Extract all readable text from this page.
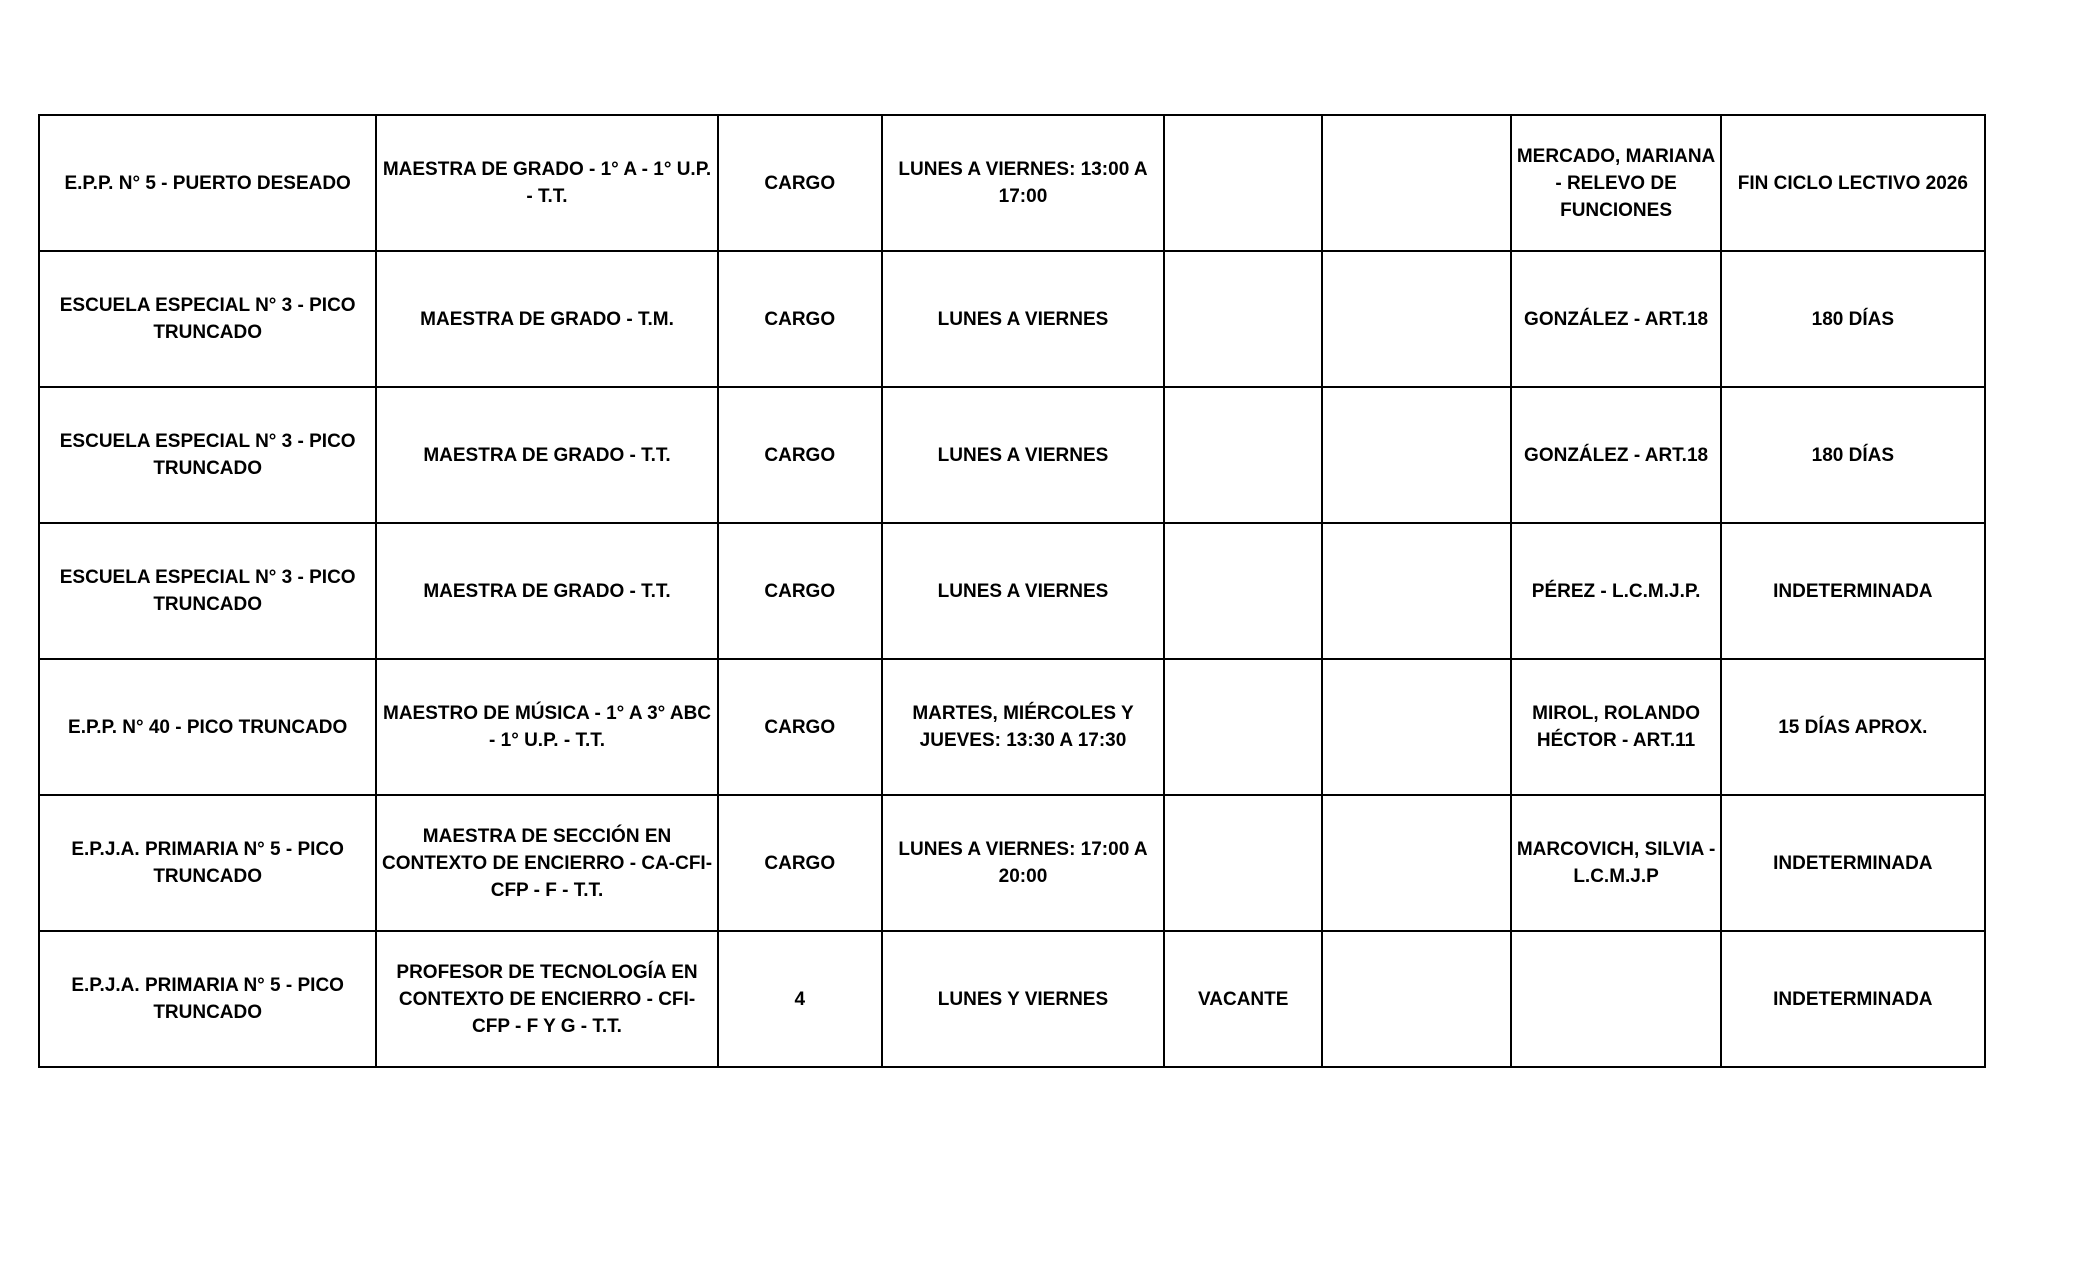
E.P.P. N° 5 - PUERTO DESEADO	MAESTRA DE GRADO - 1° A - 1° U.P. - T.T.	CARGO	LUNES A VIERNES: 13:00 A 17:00			MERCADO, MARIANA - RELEVO DE FUNCIONES	FIN CICLO LECTIVO 2026
ESCUELA ESPECIAL N° 3 - PICO TRUNCADO	MAESTRA DE GRADO - T.M.	CARGO	LUNES A VIERNES			GONZÁLEZ - ART.18	180 DÍAS
ESCUELA ESPECIAL N° 3 - PICO TRUNCADO	MAESTRA DE GRADO - T.T.	CARGO	LUNES A VIERNES			GONZÁLEZ - ART.18	180 DÍAS
ESCUELA ESPECIAL N° 3 - PICO TRUNCADO	MAESTRA DE GRADO - T.T.	CARGO	LUNES A VIERNES			PÉREZ - L.C.M.J.P.	INDETERMINADA
E.P.P. N° 40 - PICO TRUNCADO	MAESTRO DE MÚSICA - 1° A 3° ABC - 1° U.P. - T.T.	CARGO	MARTES, MIÉRCOLES Y JUEVES: 13:30 A 17:30			MIROL, ROLANDO HÉCTOR - ART.11	15 DÍAS APROX.
E.P.J.A. PRIMARIA N° 5 - PICO TRUNCADO	MAESTRA DE SECCIÓN EN CONTEXTO DE ENCIERRO - CA-CFI-CFP - F - T.T.	CARGO	LUNES A VIERNES: 17:00 A 20:00			MARCOVICH, SILVIA - L.C.M.J.P	INDETERMINADA
E.P.J.A. PRIMARIA N° 5 - PICO TRUNCADO	PROFESOR DE TECNOLOGÍA EN CONTEXTO DE ENCIERRO - CFI-CFP - F Y G - T.T.	4	LUNES Y VIERNES	VACANTE			INDETERMINADA
